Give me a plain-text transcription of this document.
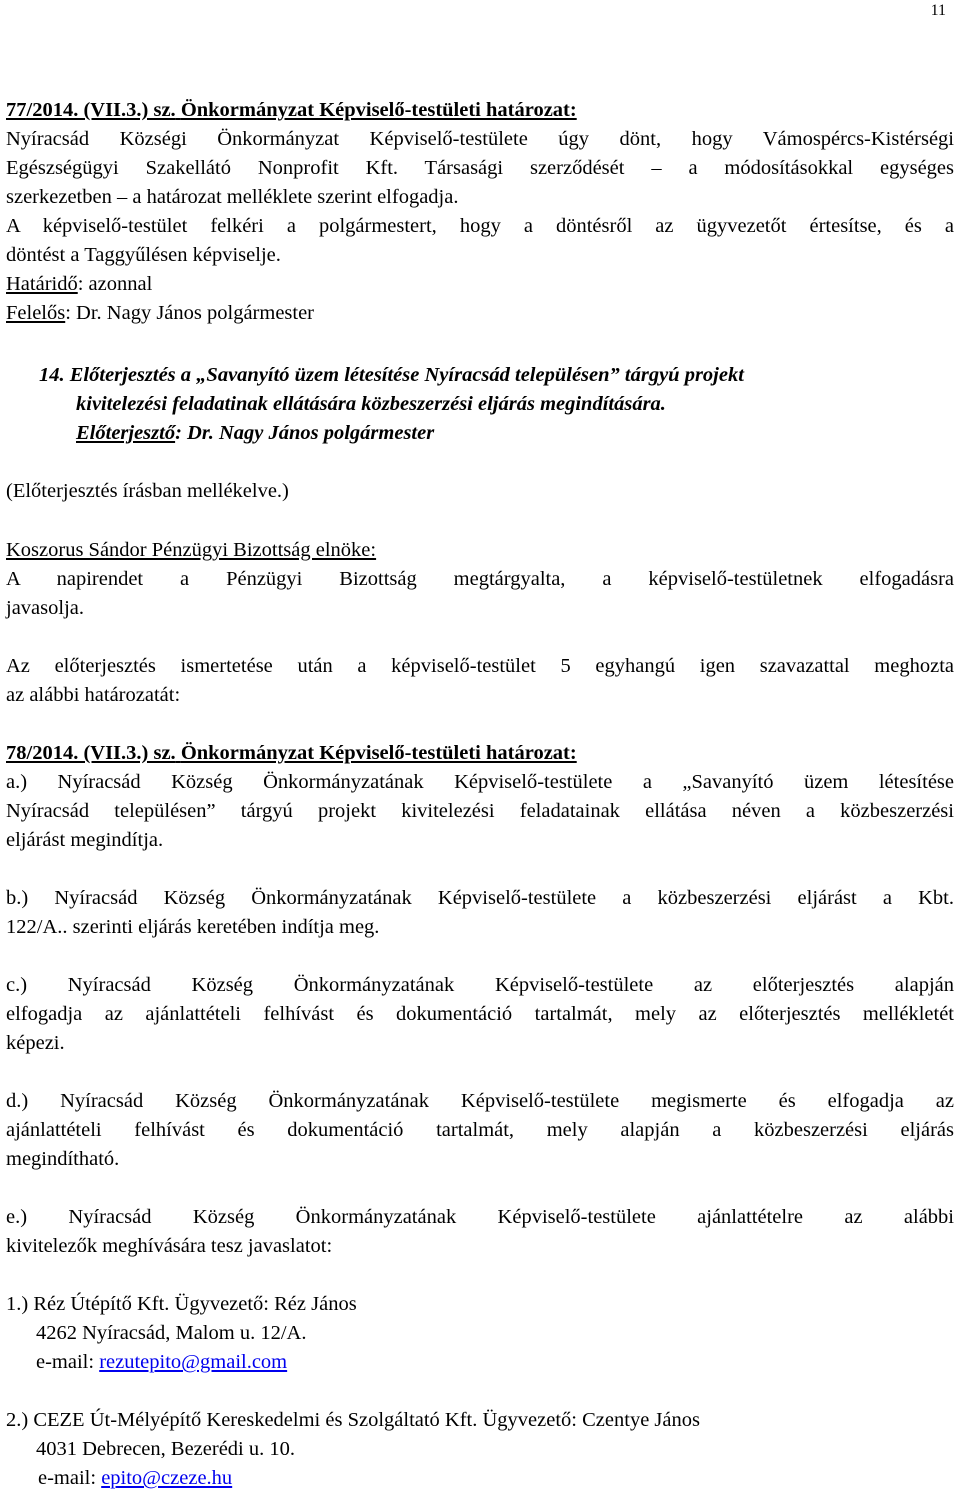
11
77/2014. (VII.3.) sz. Önkormányzat Képviselő-testületi határozat:
Nyíracsád Községi Önkormányzat Képviselő-testülete úgy dönt, hogy Vámospércs-Kistérségi
Egészségügyi Szakellátó Nonprofit Kft. Társasági szerződését – a módosításokkal egységes
szerkezetben – a határozat melléklete szerint elfogadja.
A képviselő-testület felkéri a polgármestert, hogy a döntésről az ügyvezetőt értesítse, és a
döntést a Taggyűlésen képviselje.
Határidő: azonnal
Felelős: Dr. Nagy János polgármester
14. Előterjesztés a „Savanyító üzem létesítése Nyíracsád településen” tárgyú projekt
kivitelezési feladatinak ellátására közbeszerzési eljárás megindítására.
Előterjesztő: Dr. Nagy János polgármester
(Előterjesztés írásban mellékelve.)
Koszorus Sándor Pénzügyi Bizottság elnöke:
A napirendet a Pénzügyi Bizottság megtárgyalta, a képviselő-testületnek elfogadásra
javasolja.
Az előterjesztés ismertetése után a képviselő-testület 5 egyhangú igen szavazattal meghozta
az alábbi határozatát:
78/2014. (VII.3.) sz. Önkormányzat Képviselő-testületi határozat:
a.) Nyíracsád Község Önkormányzatának Képviselő-testülete a „Savanyító üzem létesítése
Nyíracsád településen” tárgyú projekt kivitelezési feladatainak ellátása néven a közbeszerzési
eljárást megindítja.
b.) Nyíracsád Község Önkormányzatának Képviselő-testülete a közbeszerzési eljárást a Kbt.
122/A.. szerinti eljárás keretében indítja meg.
c.) Nyíracsád Község Önkormányzatának Képviselő-testülete az előterjesztés alapján
elfogadja az ajánlattételi felhívást és dokumentáció tartalmát, mely az előterjesztés mellékletét
képezi.
d.) Nyíracsád Község Önkormányzatának Képviselő-testülete megismerte és elfogadja az
ajánlattételi felhívást és dokumentáció tartalmát, mely alapján a közbeszerzési eljárás
megindítható.
e.) Nyíracsád Község Önkormányzatának Képviselő-testülete ajánlattételre az alábbi
kivitelezők meghívására tesz javaslatot:
1.) Réz Útépítő Kft. Ügyvezető: Réz János
4262 Nyíracsád, Malom u. 12/A.
e-mail: rezutepito@gmail.com
2.) CEZE Út-Mélyépítő Kereskedelmi és Szolgáltató Kft. Ügyvezető: Czentye János
4031 Debrecen, Bezerédi u. 10.
e-mail: epito@czeze.hu
